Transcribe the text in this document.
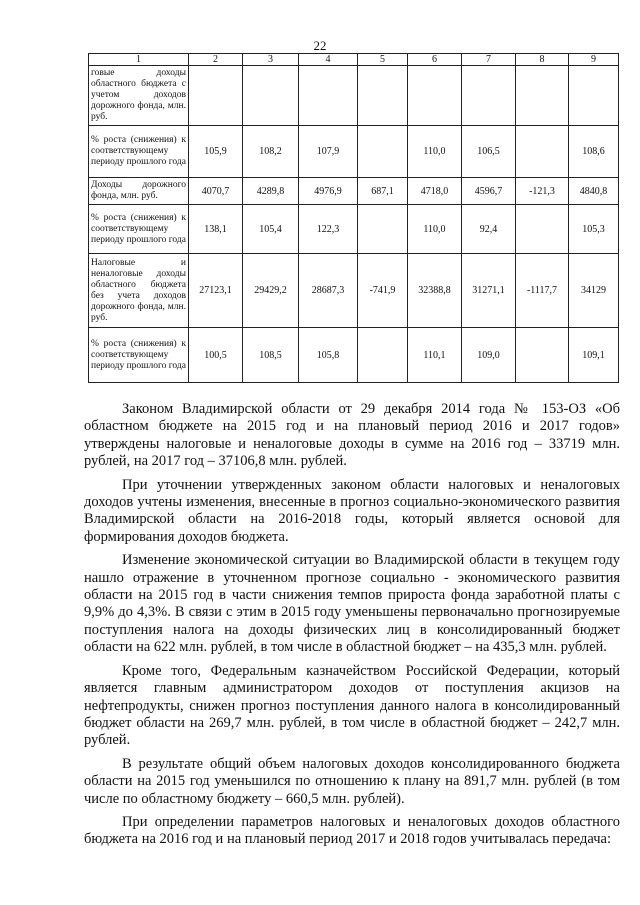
22
1	2	3	4	5	6	7	8	9
говые доходы областного бюджета с учетом доходов дорожного фонда, млн. руб.								
% роста (снижения) к соответствующему периоду прошлого года	105,9	108,2	107,9		110,0	106,5		108,6
Доходы дорожного фонда, млн. руб.	4070,7	4289,8	4976,9	687,1	4718,0	4596,7	-121,3	4840,8
% роста (снижения) к соответствующему периоду прошлого года	138,1	105,4	122,3		110,0	92,4		105,3
Налоговые и неналоговые доходы областного бюджета без учета доходов дорожного фонда, млн. руб.	27123,1	29429,2	28687,3	-741,9	32388,8	31271,1	-1117,7	34129
% роста (снижения) к соответствующему периоду прошлого года	100,5	108,5	105,8		110,1	109,0		109,1

Законом Владимирской области от 29 декабря 2014 года № 153-ОЗ «Об областном бюджете на 2015 год и на плановый период 2016 и 2017 годов» утверждены налоговые и неналоговые доходы в сумме на 2016 год – 33719 млн. рублей, на 2017 год – 37106,8 млн. рублей.

При уточнении утвержденных законом области налоговых и неналоговых доходов учтены изменения, внесенные в прогноз социально-экономического развития Владимирской области на 2016-2018 годы, который является основой для формирования доходов бюджета.

Изменение экономической ситуации во Владимирской области в текущем году нашло отражение в уточненном прогнозе социально - экономического развития области на 2015 год в части снижения темпов прироста фонда заработной платы с 9,9% до 4,3%. В связи с этим в 2015 году уменьшены первоначально прогнозируемые поступления налога на доходы физических лиц в консолидированный бюджет области на 622 млн. рублей, в том числе в областной бюджет – на 435,3 млн. рублей.

Кроме того, Федеральным казначейством Российской Федерации, который является главным администратором доходов от поступления акцизов на нефтепродукты, снижен прогноз поступления данного налога в консолидированный бюджет области на 269,7 млн. рублей, в том числе в областной бюджет – 242,7 млн. рублей.

В результате общий объем налоговых доходов консолидированного бюджета области на 2015 год уменьшился по отношению к плану на 891,7 млн. рублей (в том числе по областному бюджету – 660,5 млн. рублей).

При определении параметров налоговых и неналоговых доходов областного бюджета на 2016 год и на плановый период 2017 и 2018 годов учитывалась передача:
